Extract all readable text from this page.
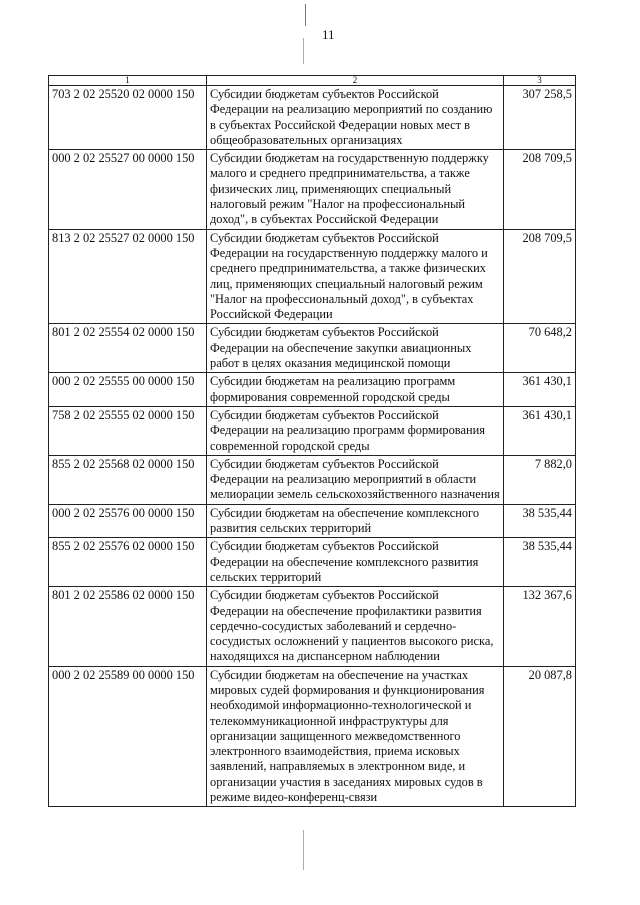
11
1	2	3
703 2 02 25520 02 0000 150	Субсидии бюджетам субъектов Российской Федерации на реализацию мероприятий по созданию в субъектах Российской Федерации новых мест в общеобразовательных организациях	307 258,5
000 2 02 25527 00 0000 150	Субсидии бюджетам на государственную поддержку малого и среднего предпринимательства, а также физических лиц, применяющих специальный налоговый режим "Налог на профессиональный доход", в субъектах Российской Федерации	208 709,5
813 2 02 25527 02 0000 150	Субсидии бюджетам субъектов Российской Федерации на государственную поддержку малого и среднего предпринимательства, а также физических лиц, применяющих специальный налоговый режим "Налог на профессиональный доход", в субъектах Российской Федерации	208 709,5
801 2 02 25554 02 0000 150	Субсидии бюджетам субъектов Российской Федерации на обеспечение закупки авиационных работ в целях оказания медицинской помощи	70 648,2
000 2 02 25555 00 0000 150	Субсидии бюджетам на реализацию программ формирования современной городской среды	361 430,1
758 2 02 25555 02 0000 150	Субсидии бюджетам субъектов Российской Федерации на реализацию программ формирования современной городской среды	361 430,1
855 2 02 25568 02 0000 150	Субсидии бюджетам субъектов Российской Федерации на реализацию мероприятий в области мелиорации земель сельскохозяйственного назначения	7 882,0
000 2 02 25576 00 0000 150	Субсидии бюджетам на обеспечение комплексного развития сельских территорий	38 535,44
855 2 02 25576 02 0000 150	Субсидии бюджетам субъектов Российской Федерации на обеспечение комплексного развития сельских территорий	38 535,44
801 2 02 25586 02 0000 150	Субсидии бюджетам субъектов Российской Федерации на обеспечение профилактики развития сердечно-сосудистых заболеваний и сердечно-сосудистых осложнений у пациентов высокого риска, находящихся на диспансерном наблюдении	132 367,6
000 2 02 25589 00 0000 150	Субсидии бюджетам на обеспечение на участках мировых судей формирования и функционирования необходимой информационно-технологической и телекоммуникационной инфраструктуры для организации защищенного межведомственного электронного взаимодействия, приема исковых заявлений, направляемых в электронном виде, и организации участия в заседаниях мировых судов в режиме видео-конференц-связи	20 087,8
